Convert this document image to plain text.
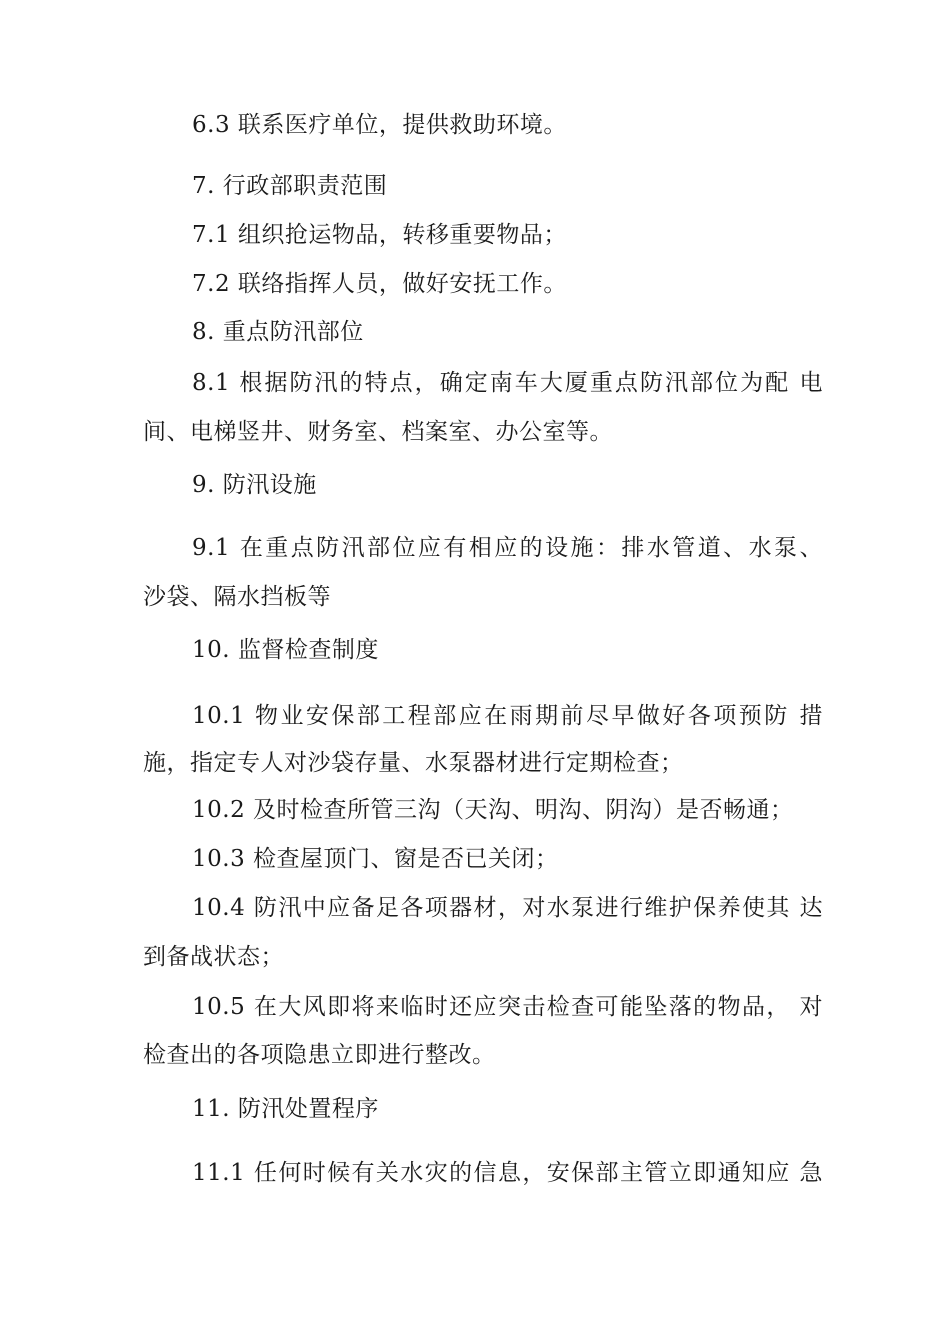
6.3 联系医疗单位，提供救助环境。
7. 行政部职责范围
7.1 组织抢运物品，转移重要物品；
7.2 联络指挥人员，做好安抚工作。
8. 重点防汛部位
8.1 根据防汛的特点，确定南车大厦重点防汛部位为配 电
间、电梯竖井、财务室、档案室、办公室等。
9. 防汛设施
9.1 在重点防汛部位应有相应的设施：排水管道、水泵、
沙袋、隔水挡板等
10. 监督检查制度
10.1 物业安保部工程部应在雨期前尽早做好各项预防 措
施，指定专人对沙袋存量、水泵器材进行定期检查；
10.2 及时检查所管三沟（天沟、明沟、阴沟）是否畅通；
10.3 检查屋顶门、窗是否已关闭；
10.4 防汛中应备足各项器材，对水泵进行维护保养使其 达
到备战状态；
10.5 在大风即将来临时还应突击检查可能坠落的物品， 对
检查出的各项隐患立即进行整改。
11. 防汛处置程序
11.1 任何时候有关水灾的信息，安保部主管立即通知应 急
